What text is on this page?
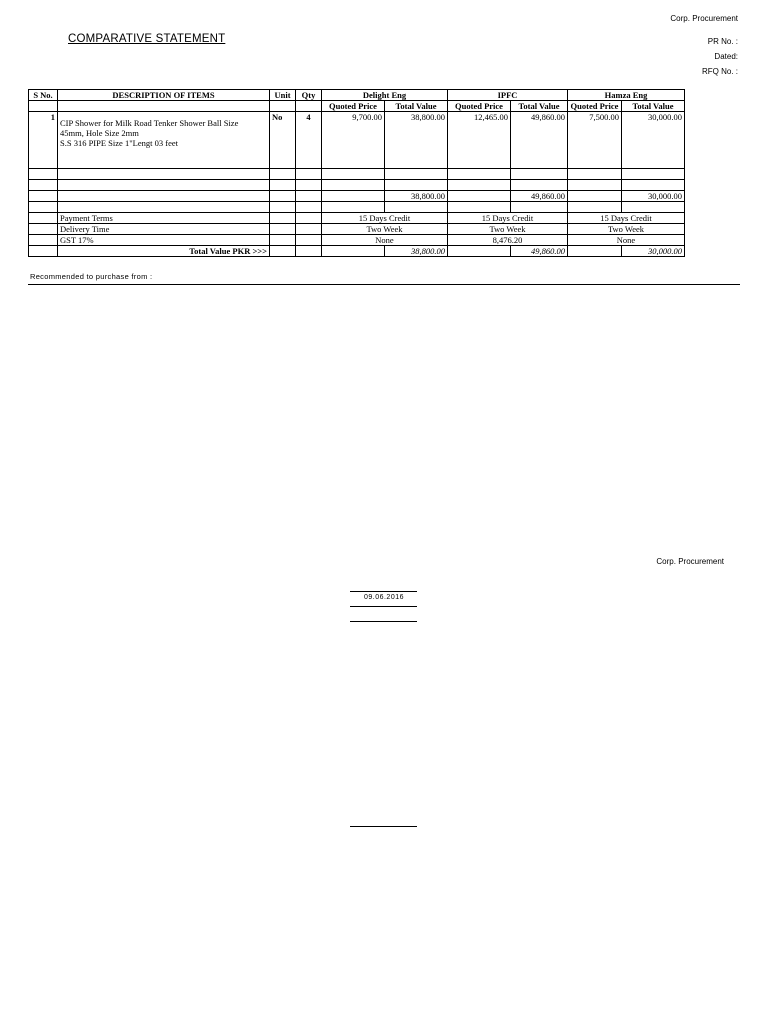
Corp. Procurement
COMPARATIVE STATEMENT	PR No. :
Dated:
RFQ No. :
S No.	DESCRIPTION OF ITEMS	Unit	Qty	Delight Eng		IPFC		Hamza Eng	
				Quoted Price	Total Value	Quoted Price	Total Value	Quoted Price	Total Value
1	CIP Shower for Milk Road Tenker Shower Ball Size
45mm, Hole Size 2mm
S.S 316 PIPE Size 1"Lengt 03 feet	No	4	9,700.00	38,800.00	12,465.00	49,860.00	7,500.00	30,000.00

					38,800.00		49,860.00		30,000.00

	Payment Terms			15 Days Credit		15 Days Credit		15 Days Credit	
	Delivery Time			Two Week		Two Week		Two Week	
	GST 17%			None		8,476.20		None	
	Total Value PKR >>>				38,800.00		49,860.00		30,000.00
Recommended to purchase from :
Corp. Procurement
09.06.2016
